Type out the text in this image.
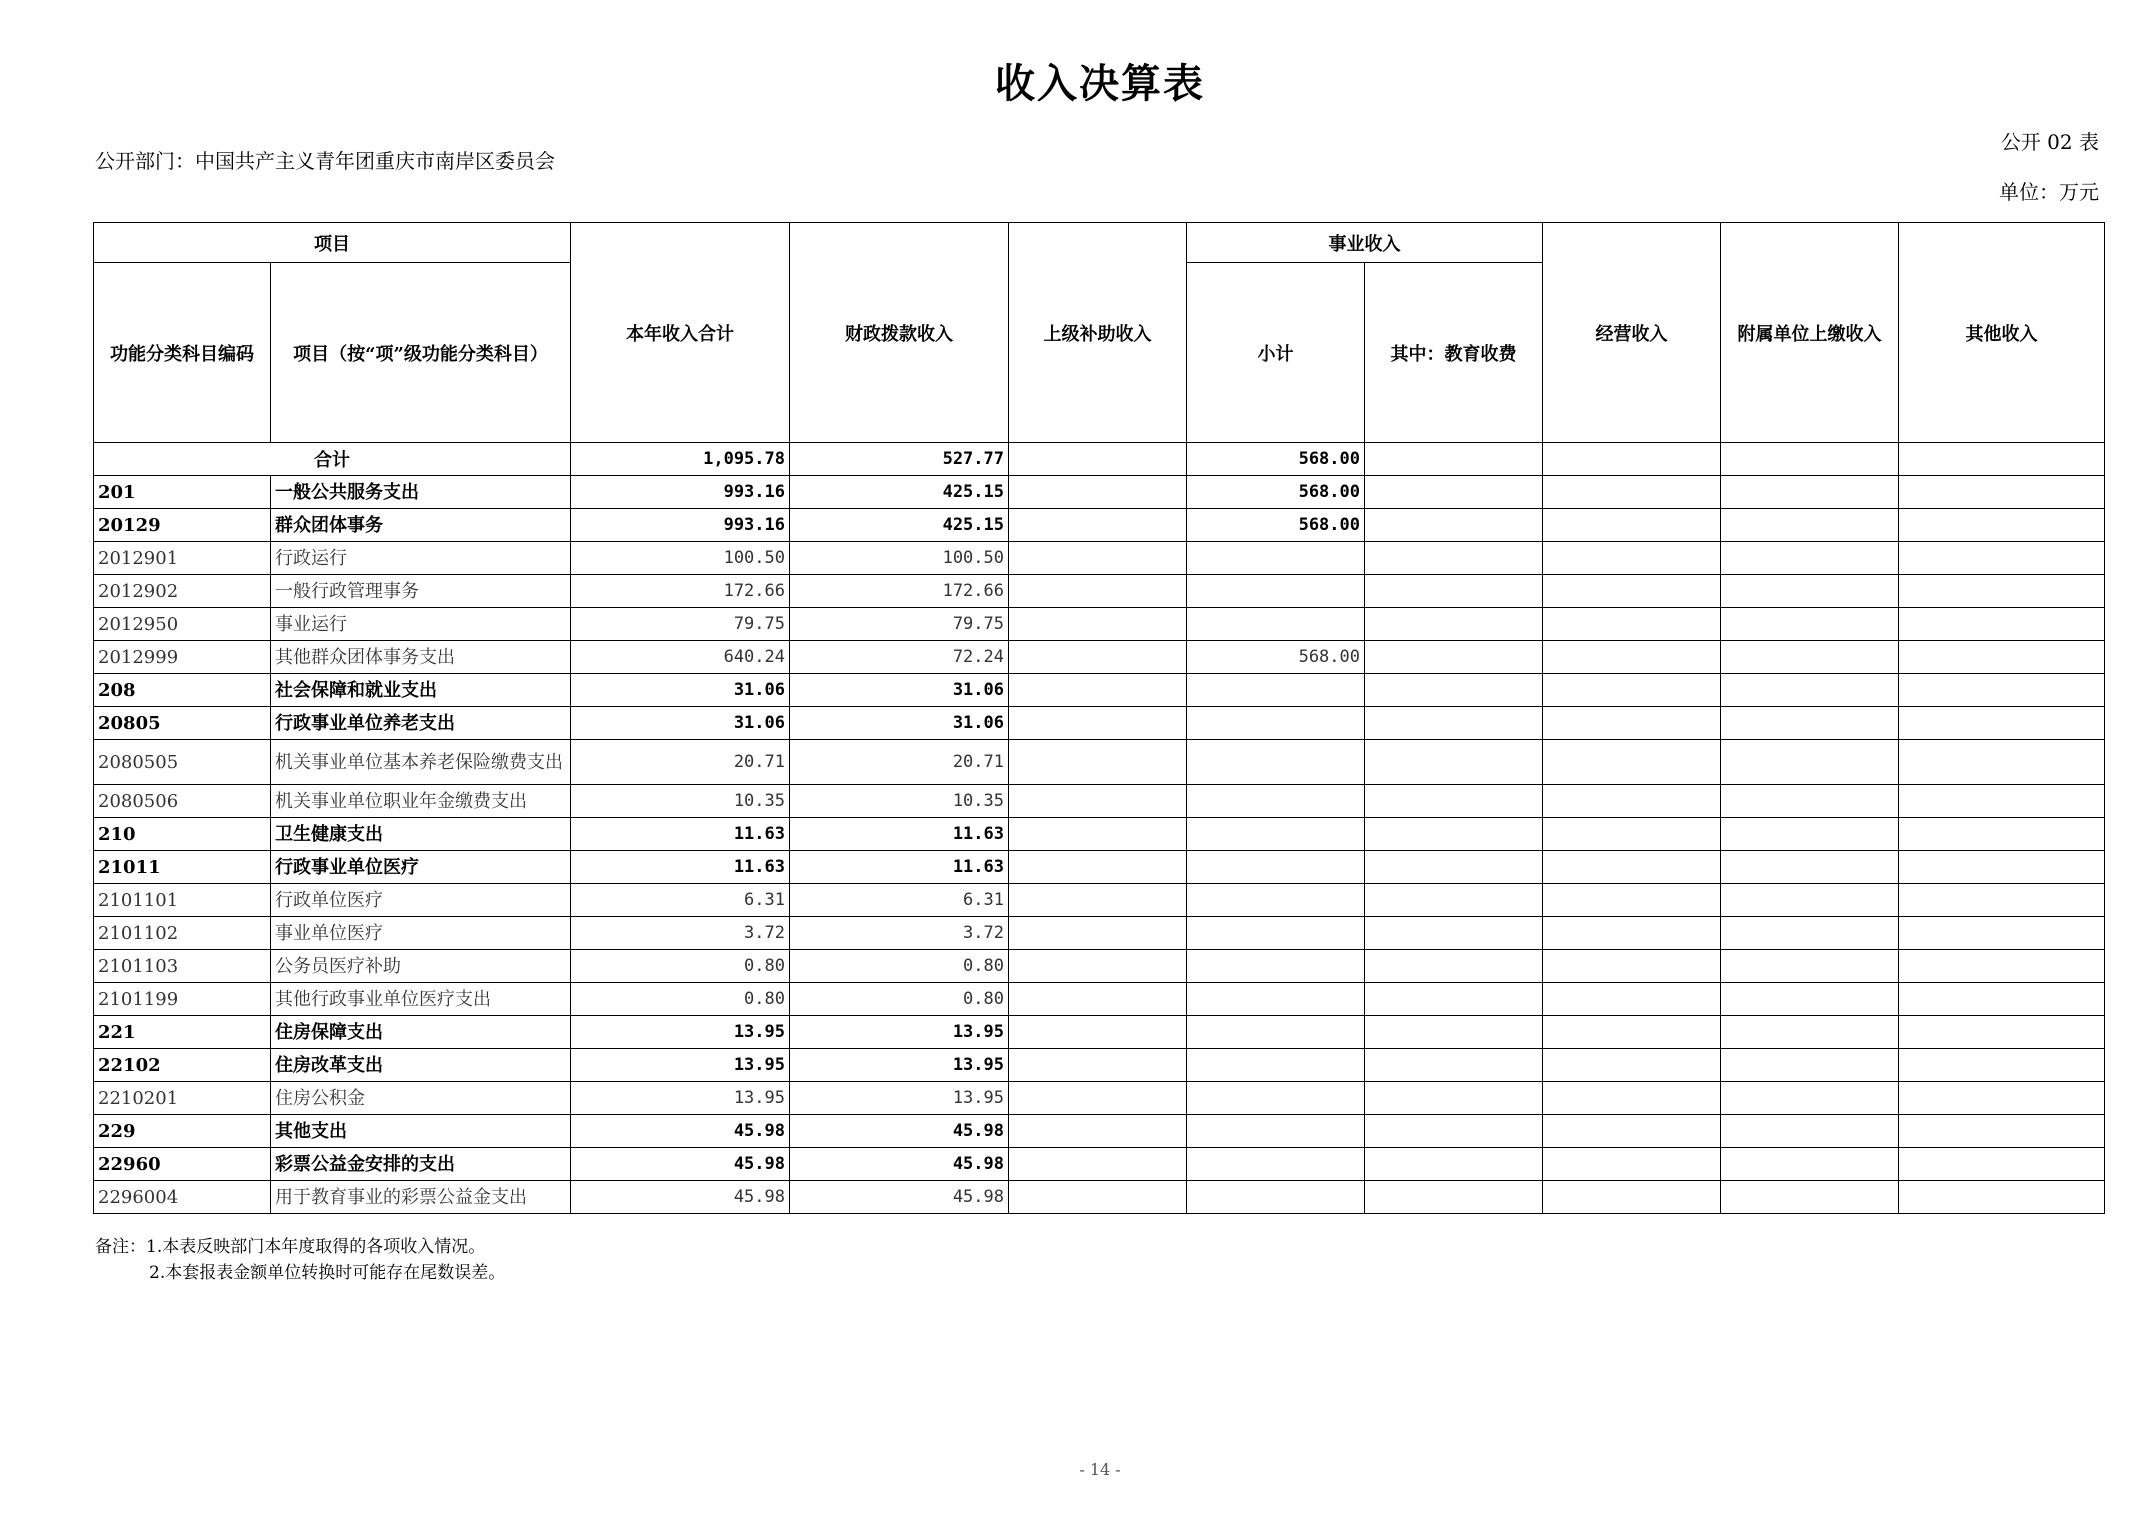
收入决算表
公开部门：中国共产主义青年团重庆市南岸区委员会
公开 02 表
单位：万元
项目		本年收入合计	财政拨款收入	上级补助收入	事业收入		经营收入	附属单位上缴收入	其他收入
功能分类科目编码	项目（按“项”级功能分类科目）				小计	其中：教育收费			
合计		1,095.78	527.77		568.00				
201	一般公共服务支出	993.16	425.15		568.00				
20129	群众团体事务	993.16	425.15		568.00				
2012901	行政运行	100.50	100.50						
2012902	一般行政管理事务	172.66	172.66						
2012950	事业运行	79.75	79.75						
2012999	其他群众团体事务支出	640.24	72.24		568.00				
208	社会保障和就业支出	31.06	31.06						
20805	行政事业单位养老支出	31.06	31.06						
2080505	机关事业单位基本养老保险缴费支出	20.71	20.71						
2080506	机关事业单位职业年金缴费支出	10.35	10.35						
210	卫生健康支出	11.63	11.63						
21011	行政事业单位医疗	11.63	11.63						
2101101	行政单位医疗	6.31	6.31						
2101102	事业单位医疗	3.72	3.72						
2101103	公务员医疗补助	0.80	0.80						
2101199	其他行政事业单位医疗支出	0.80	0.80						
221	住房保障支出	13.95	13.95						
22102	住房改革支出	13.95	13.95						
2210201	住房公积金	13.95	13.95						
229	其他支出	45.98	45.98						
22960	彩票公益金安排的支出	45.98	45.98						
2296004	用于教育事业的彩票公益金支出	45.98	45.98						
备注：1.本表反映部门本年度取得的各项收入情况。
2.本套报表金额单位转换时可能存在尾数误差。
- 14 -
